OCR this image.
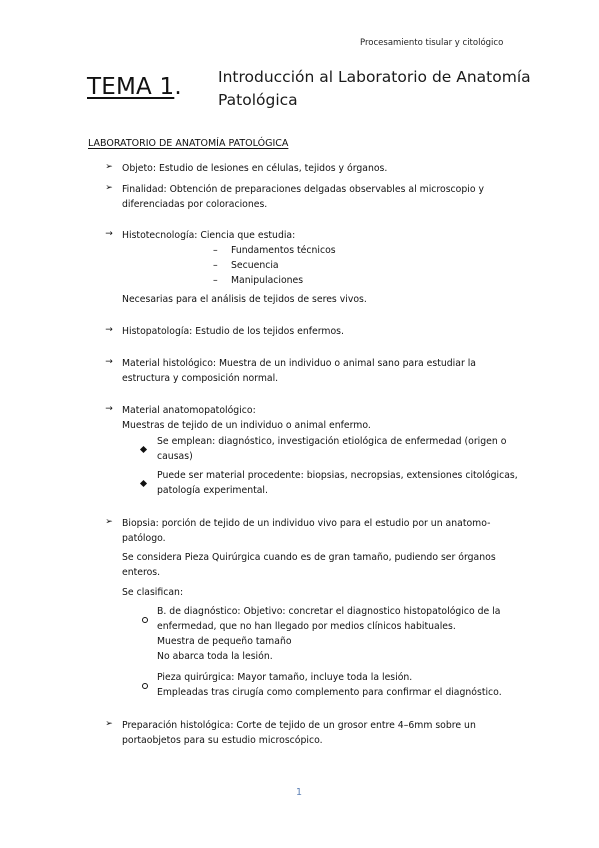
Procesamiento tisular y citológico
TEMA 1. Introducción al Laboratorio de Anatomía
Patológica
LABORATORIO DE ANATOMÍA PATOLÓGICA
➢ Objeto: Estudio de lesiones en células, tejidos y órganos.
➢ Finalidad: Obtención de preparaciones delgadas observables al microscopio y
diferenciadas por coloraciones.
→ Histotecnología: Ciencia que estudia:
– Fundamentos técnicos
– Secuencia
– Manipulaciones
Necesarias para el análisis de tejidos de seres vivos.
→ Histopatología: Estudio de los tejidos enfermos.
→ Material histológico: Muestra de un individuo o animal sano para estudiar la
estructura y composición normal.
→ Material anatomopatológico:
Muestras de tejido de un individuo o animal enfermo.
Se emplean: diagnóstico, investigación etiológica de enfermedad (origen o
causas)
Puede ser material procedente: biopsias, necropsias, extensiones citológicas,
patología experimental.
➢ Biopsia: porción de tejido de un individuo vivo para el estudio por un anatomo-
patólogo.
Se considera Pieza Quirúrgica cuando es de gran tamaño, pudiendo ser órganos
enteros.
Se clasifican:
B. de diagnóstico: Objetivo: concretar el diagnostico histopatológico de la
enfermedad, que no han llegado por medios clínicos habituales.
Muestra de pequeño tamaño
No abarca toda la lesión.
Pieza quirúrgica: Mayor tamaño, incluye toda la lesión.
Empleadas tras cirugía como complemento para confirmar el diagnóstico.
➢ Preparación histológica: Corte de tejido de un grosor entre 4–6mm sobre un
portaobjetos para su estudio microscópico.
1
